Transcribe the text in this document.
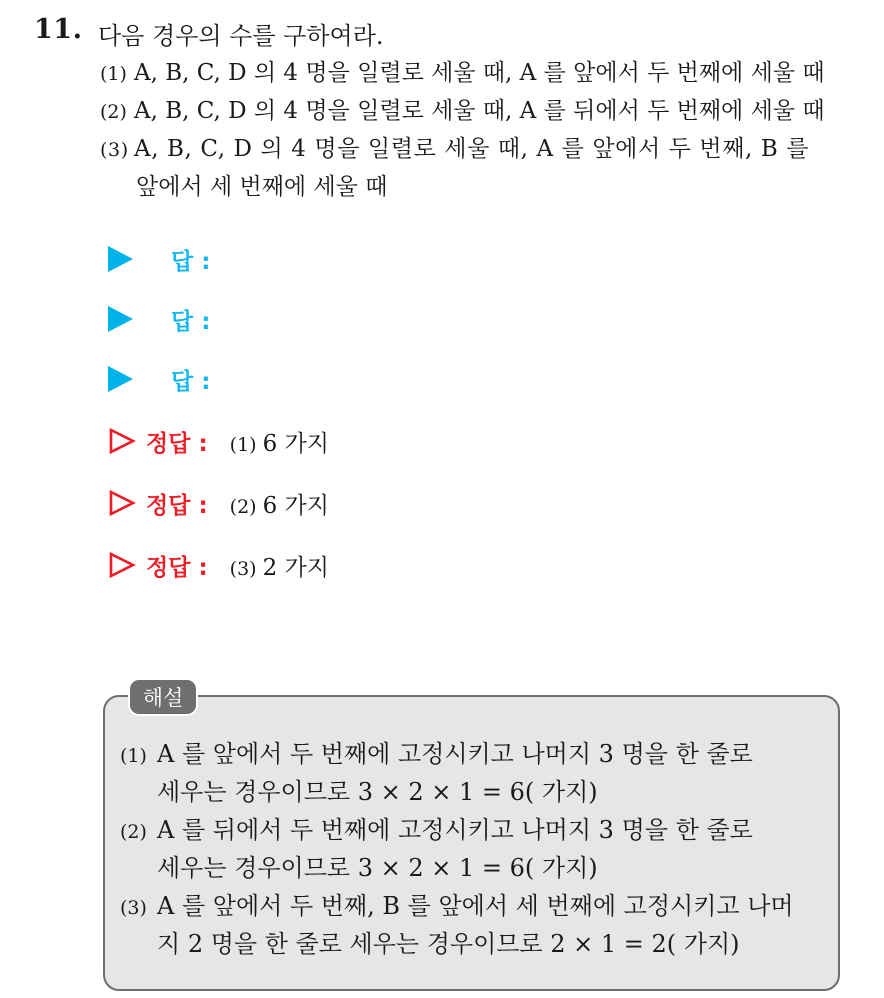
11. 다음 경우의 수를 구하여라.
(1) A, B, C, D 의 4 명을 일렬로 세울 때, A 를 앞에서 두 번째에 세울 때
(2) A, B, C, D 의 4 명을 일렬로 세울 때, A 를 뒤에서 두 번째에 세울 때
(3) A, B, C, D 의 4 명을 일렬로 세울 때, A 를 앞에서 두 번째, B 를
앞에서 세 번째에 세울 때
답 :
답 :
답 :
정답 : (1) 6 가지
정답 : (2) 6 가지
정답 : (3) 2 가지
해설
(1) A 를 앞에서 두 번째에 고정시키고 나머지 3 명을 한 줄로
세우는 경우이므로 3 × 2 × 1 = 6( 가지)
(2) A 를 뒤에서 두 번째에 고정시키고 나머지 3 명을 한 줄로
세우는 경우이므로 3 × 2 × 1 = 6( 가지)
(3) A 를 앞에서 두 번째, B 를 앞에서 세 번째에 고정시키고 나머
지 2 명을 한 줄로 세우는 경우이므로 2 × 1 = 2( 가지)
